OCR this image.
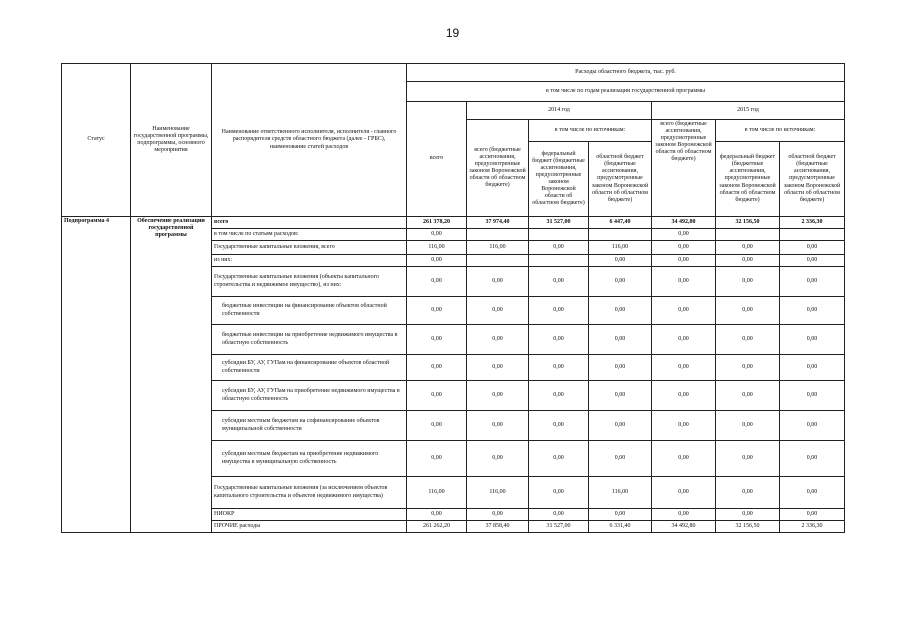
19
Статус	Наименование государственной программы, подпрограммы, основного мероприятия	Наименование ответственного исполнителя, исполнителя - главного распорядителя средств областного бюджета (далее - ГРБС), наименование статей расходов	Расходы областного бюджета, тыс. руб.						
			в том числе по годам реализации государственной программы						
			всего	2014 год			2015 год		
				всего (бюджетные ассигнования, предусмотренные законом Воронежской области об областном бюджете)	в том числе по источникам:		всего (бюджетные ассигнования, предусмотренные законом Воронежской области об областном бюджете)	в том числе по источникам:	
					федеральный бюджет (бюджетные ассигнования, предусмотренные законом Воронежской области об областном бюджете)	областной бюджет (бюджетные ассигнования, предусмотренные законом Воронежской области об областном бюджете)		федеральный бюджет (бюджетные ассигнования, предусмотренные законом Воронежской области об областном бюджете)	областной бюджет (бюджетные ассигнования, предусмотренные законом Воронежской области об областном бюджете)
Подпрограмма 4	Обеспечение реализации государственной программы	всего	261 378,20	37 974,40	31 527,00	6 447,40	34 492,80	32 156,50	2 336,30
		в том числе по статьям расходов:	0,00				0,00		
		Государственные капитальные вложения, всего	116,00	116,00	0,00	116,00	0,00	0,00	0,00
		из них:	0,00			0,00	0,00	0,00	0,00
		Государственные капитальные вложения (объекты капитального строительства и недвижимое имущество), из них:	0,00	0,00	0,00	0,00	0,00	0,00	0,00
		бюджетные инвестиции на финансирование объектов областной собственности	0,00	0,00	0,00	0,00	0,00	0,00	0,00
		бюджетные инвестиции на приобретение недвижимого имущества в областную собственность	0,00	0,00	0,00	0,00	0,00	0,00	0,00
		субсидии БУ, АУ, ГУПам на финансирование объектов областной собственности	0,00	0,00	0,00	0,00	0,00	0,00	0,00
		субсидии БУ, АУ, ГУПам на приобретение недвижимого имущества в областную собственность	0,00	0,00	0,00	0,00	0,00	0,00	0,00
		субсидии местным бюджетам на софинансирование объектов муниципальной собственности	0,00	0,00	0,00	0,00	0,00	0,00	0,00
		субсидии местным бюджетам на приобретение недвижимого имущества в муниципальную собственность	0,00	0,00	0,00	0,00	0,00	0,00	0,00
		Государственные капитальные вложения (за исключением объектов капитального строительства и объектов недвижимого имущества)	116,00	116,00	0,00	116,00	0,00	0,00	0,00
		НИОКР	0,00	0,00	0,00	0,00	0,00	0,00	0,00
		ПРОЧИЕ расходы	261 262,20	37 858,40	31 527,00	6 331,40	34 492,80	32 156,50	2 336,30
